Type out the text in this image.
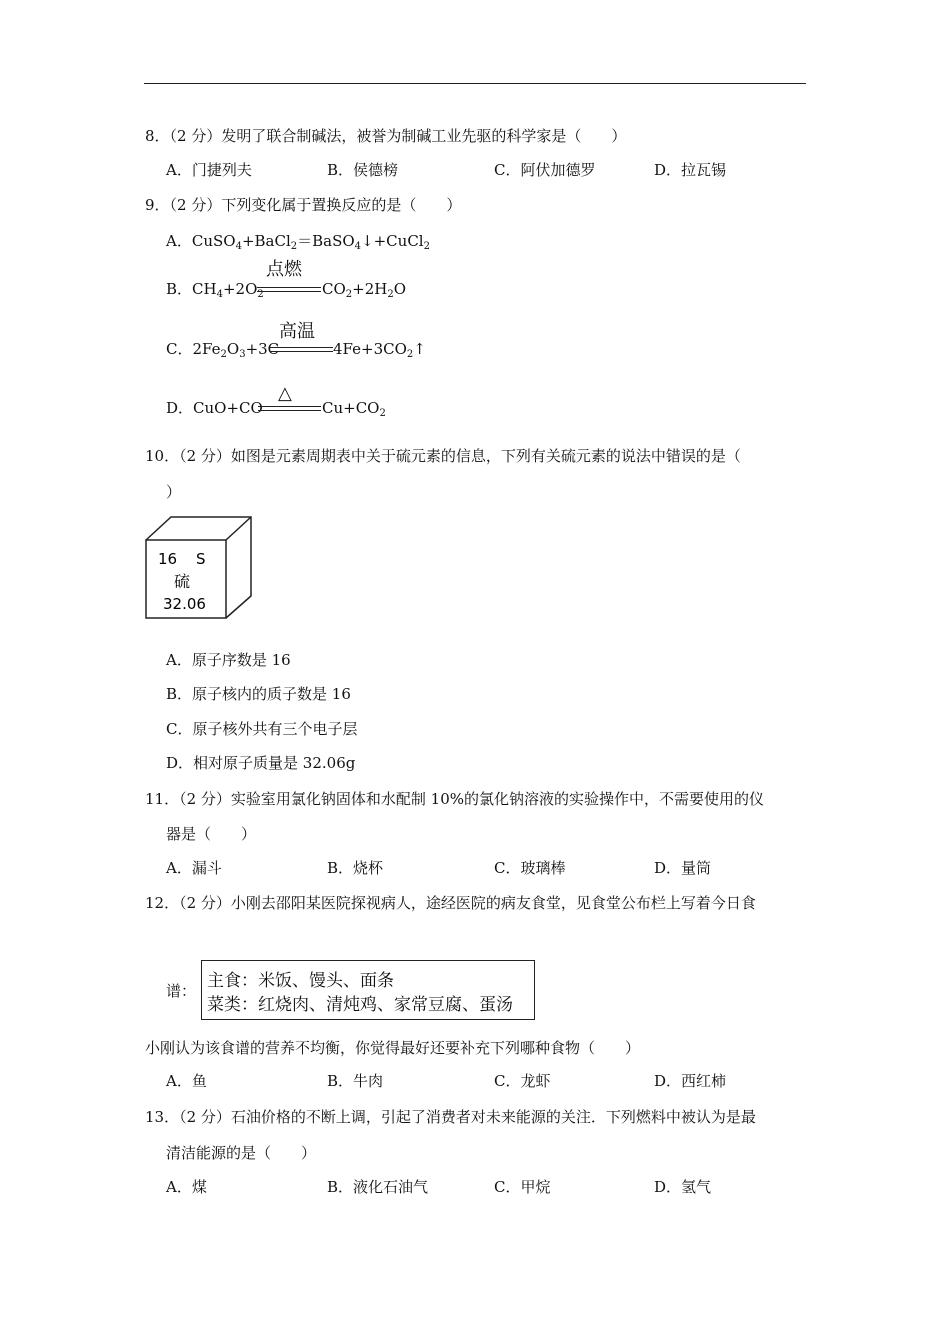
8．（2 分）发明了联合制碱法，被誉为制碱工业先驱的科学家是（　　）
A．门捷列夫	B．侯德榜	C．阿伏加德罗	D．拉瓦锡
9．（2 分）下列变化属于置换反应的是（　　）
A．CuSO$_4$+BaCl$_2$＝BaSO$_4$↓+CuCl$_2$
B．$CH_4+2O_2$
点燃
$CO_2+2H_2O$
C．$2Fe_2O_3+3C$
高温
$4Fe+3CO_2↑$
D．CuO+CO
△
$Cu+CO_2$
10．（2 分）如图是元素周期表中关于硫元素的信息，下列有关硫元素的说法中错误的是（
）
16 S
硫
32.06
A．原子序数是 16
B．原子核内的质子数是 16
C．原子核外共有三个电子层
D．相对原子质量是 32.06g
11．（2 分）实验室用氯化钠固体和水配制 10%的氯化钠溶液的实验操作中，不需要使用的仪
器是（　　）
A．漏斗	B．烧杯	C．玻璃棒	D．量筒
12．（2 分）小刚去邵阳某医院探视病人，途经医院的病友食堂，见食堂公布栏上写着今日食
谱： 主食：米饭、馒头、面条
菜类：红烧肉、清炖鸡、家常豆腐、蛋汤
小刚认为该食谱的营养不均衡，你觉得最好还要补充下列哪种食物（　　）
A．鱼	B．牛肉	C．龙虾	D．西红柿
13．（2 分）石油价格的不断上调，引起了消费者对未来能源的关注．下列燃料中被认为是最
清洁能源的是（　　）
A．煤	B．液化石油气	C．甲烷	D．氢气
